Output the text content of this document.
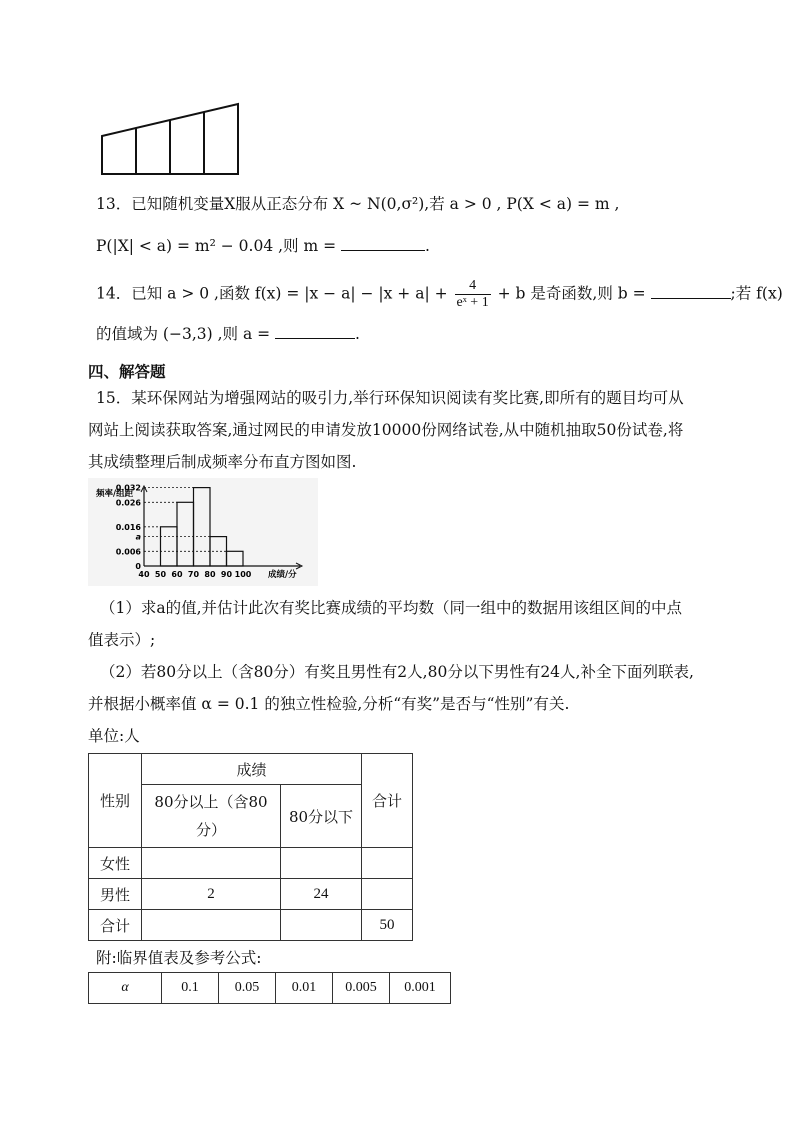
13．已知随机变量X服从正态分布 X ~ N(0,σ²),若 a > 0 , P(X < a) = m ,
P(|X| < a) = m² − 0.04 ,则 m =	.
14．已知 a > 0 ,函数 $f(x) = |x - a| - |x + a| + \frac{4}{\text{eˣ + 1}} + b$ 是奇函数,则 b =	;若 f(x)
的值域为 (−3,3) ,则 a =	.
四、解答题
15．某环保网站为增强网站的吸引力,举行环保知识阅读有奖比赛,即所有的题目均可从
网站上阅读获取答案,通过网民的申请发放10000份网络试卷,从中随机抽取50份试卷,将
其成绩整理后制成频率分布直方图如图.
0.032
0.026
0.016
a
0.006
0
40 50 60 70 80 90 100
频率/组距
成绩/分
（1）求a的值,并估计此次有奖比赛成绩的平均数（同一组中的数据用该组区间的中点
值表示）;
（2）若80分以上（含80分）有奖且男性有2人,80分以下男性有24人,补全下面列联表,
并根据小概率值 α = 0.1 的独立性检验,分析“有奖”是否与“性别”有关.
单位:人
性别	成绩		合计

	80分以上（含80
分）	80分以下	
女性			
男性	2	24	
合计			50
附:临界值表及参考公式:
α	0.1	0.05	0.01	0.005	0.001
